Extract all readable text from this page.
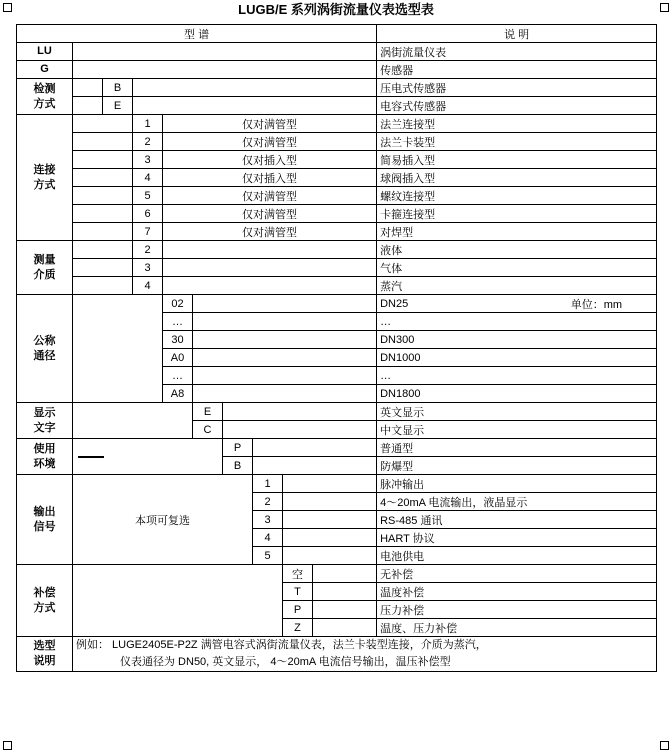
LUGB/E 系列涡街流量仪表选型表
型 谱										说 明
LU										涡街流量仪表
G										传感器
检测
方式		B								压电式传感器
		E								电容式传感器
连接
方式			1	仅对满管型						法兰连接型
			2	仅对满管型						法兰卡装型
			3	仅对插入型						简易插入型
			4	仅对插入型						球阀插入型
			5	仅对满管型						螺纹连接型
			6	仅对满管型						卡箍连接型
			7	仅对满管型						对焊型
测量
介质			2							液体
			3							气体
			4							蒸汽
公称
通径				02						DN25 单位：mm

				…						…
				30						DN300
				A0						DN1000
				…						…
				A8						DN1800
显示
文字					E					英文显示
					C					中文显示
使用
环境						P				普通型
						B				防爆型
输出
信号	本项可复选						1			脉冲输出
							2			4～20mA 电流输出，液晶显示
							3			RS-485 通讯
							4			HART 协议
							5			电池供电
补偿
方式								空		无补偿
								T		温度补偿
								P		压力补偿
								Z		温度、压力补偿
选型
说明	例如： LUGE2405E-P2Z 满管电容式涡街流量仪表，法兰卡装型连接，介质为蒸汽，
仪表通径为 DN50, 英文显示， 4～20mA 电流信号输出，温压补偿型									
